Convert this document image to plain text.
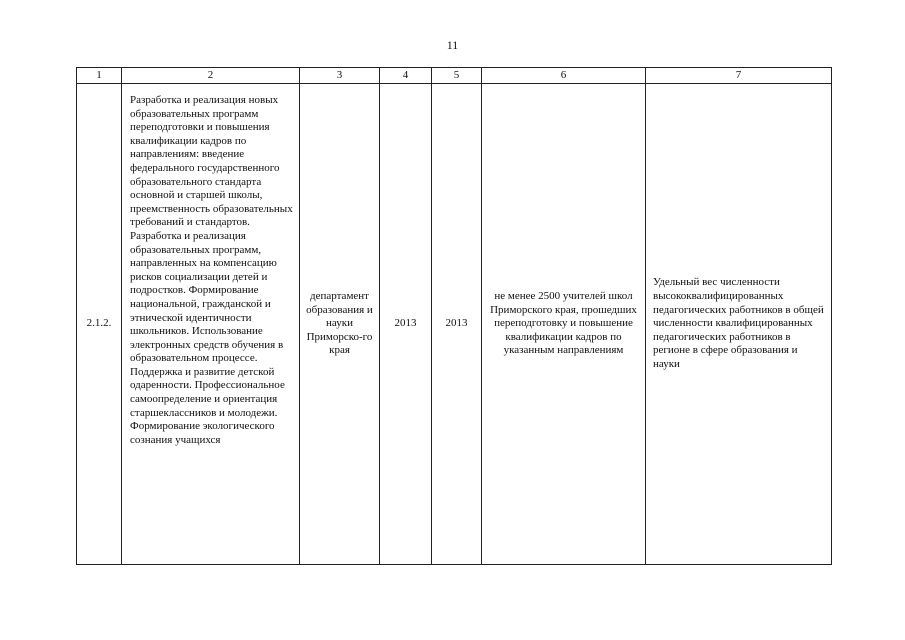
11
1	2	3	4	5	6	7
2.1.2.	Разработка и реализация новых образовательных программ переподготовки и повышения квалификации кадров по направлениям: введение федерального государственного образовательного стандарта основной и старшей школы, преемственность образовательных требований и стандартов. Разработка и реализация образовательных программ, направленных на компенсацию рисков социализации детей и подростков. Формирование национальной, гражданской и этнической идентичности школьников. Использование электронных средств обучения в образовательном процессе. Поддержка и развитие детской одаренности. Профессиональное самоопределение и ориентация старшеклассников и молодежи. Формирование экологического сознания учащихся	департамент образования и науки Приморско-го края	2013	2013	не менее 2500 учителей школ Приморского края, прошедших переподготовку и повышение квалификации кадров по указанным направлениям	Удельный вес численности высококвалифицированных педагогических работников в общей численности квалифицированных педагогических работников в регионе в сфере образования и науки
